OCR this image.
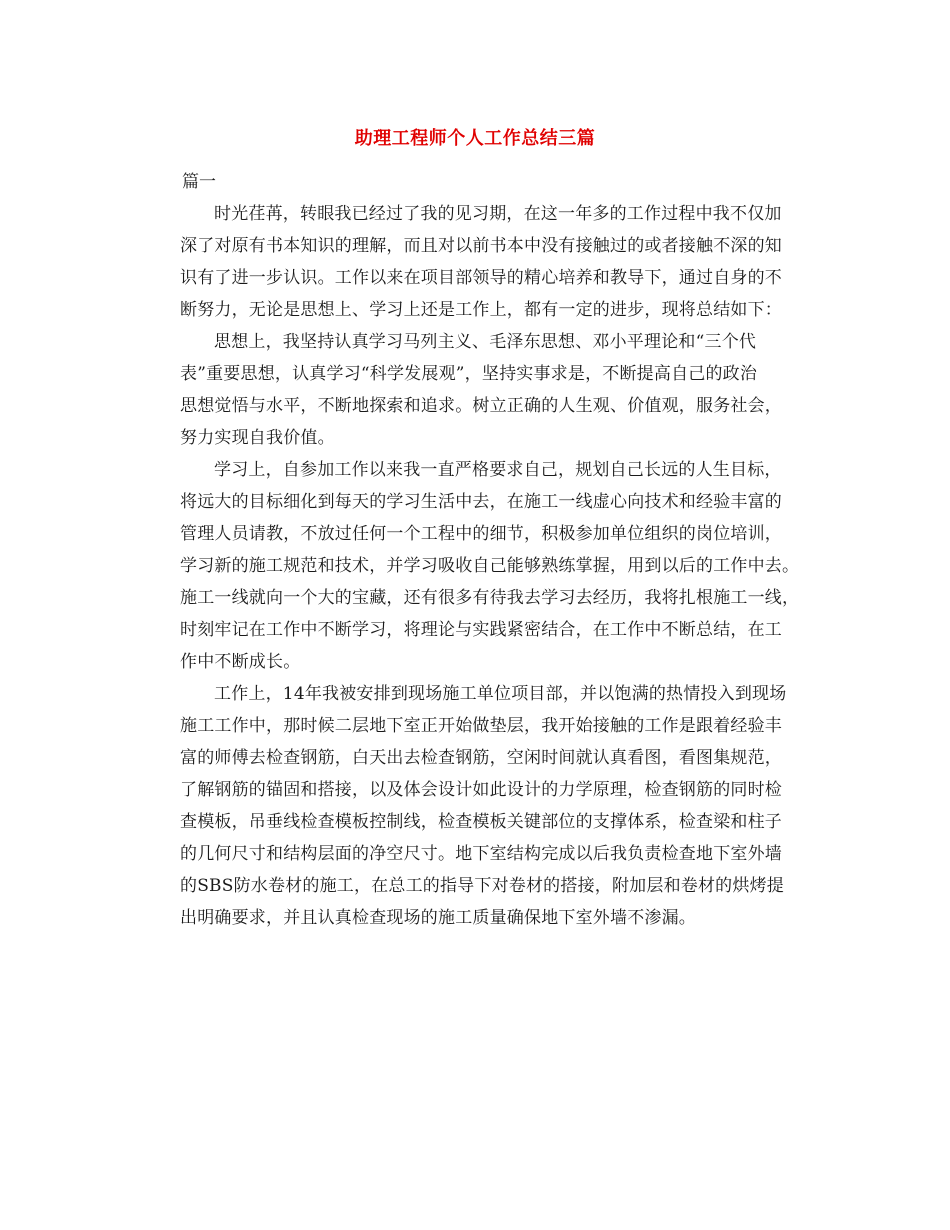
助理工程师个人工作总结三篇

篇一

时光荏苒，转眼我已经过了我的见习期，在这一年多的工作过程中我不仅加
深了对原有书本知识的理解，而且对以前书本中没有接触过的或者接触不深的知
识有了进一步认识。工作以来在项目部领导的精心培养和教导下，通过自身的不
断努力，无论是思想上、学习上还是工作上，都有一定的进步，现将总结如下：

思想上，我坚持认真学习马列主义、毛泽东思想、邓小平理论和“三个代
表”重要思想，认真学习“科学发展观”，坚持实事求是，不断提高自己的政治
思想觉悟与水平，不断地探索和追求。树立正确的人生观、价值观，服务社会，
努力实现自我价值。

学习上，自参加工作以来我一直严格要求自己，规划自己长远的人生目标，
将远大的目标细化到每天的学习生活中去，在施工一线虚心向技术和经验丰富的
管理人员请教，不放过任何一个工程中的细节，积极参加单位组织的岗位培训，
学习新的施工规范和技术，并学习吸收自己能够熟练掌握，用到以后的工作中去。
施工一线就向一个大的宝藏，还有很多有待我去学习去经历，我将扎根施工一线，
时刻牢记在工作中不断学习，将理论与实践紧密结合，在工作中不断总结，在工
作中不断成长。

工作上，14年我被安排到现场施工单位项目部，并以饱满的热情投入到现场
施工工作中，那时候二层地下室正开始做垫层，我开始接触的工作是跟着经验丰
富的师傅去检查钢筋，白天出去检查钢筋，空闲时间就认真看图，看图集规范，
了解钢筋的锚固和搭接，以及体会设计如此设计的力学原理，检查钢筋的同时检
查模板，吊垂线检查模板控制线，检查模板关键部位的支撑体系，检查梁和柱子
的几何尺寸和结构层面的净空尺寸。地下室结构完成以后我负责检查地下室外墙
的SBS防水卷材的施工，在总工的指导下对卷材的搭接，附加层和卷材的烘烤提
出明确要求，并且认真检查现场的施工质量确保地下室外墙不渗漏。
